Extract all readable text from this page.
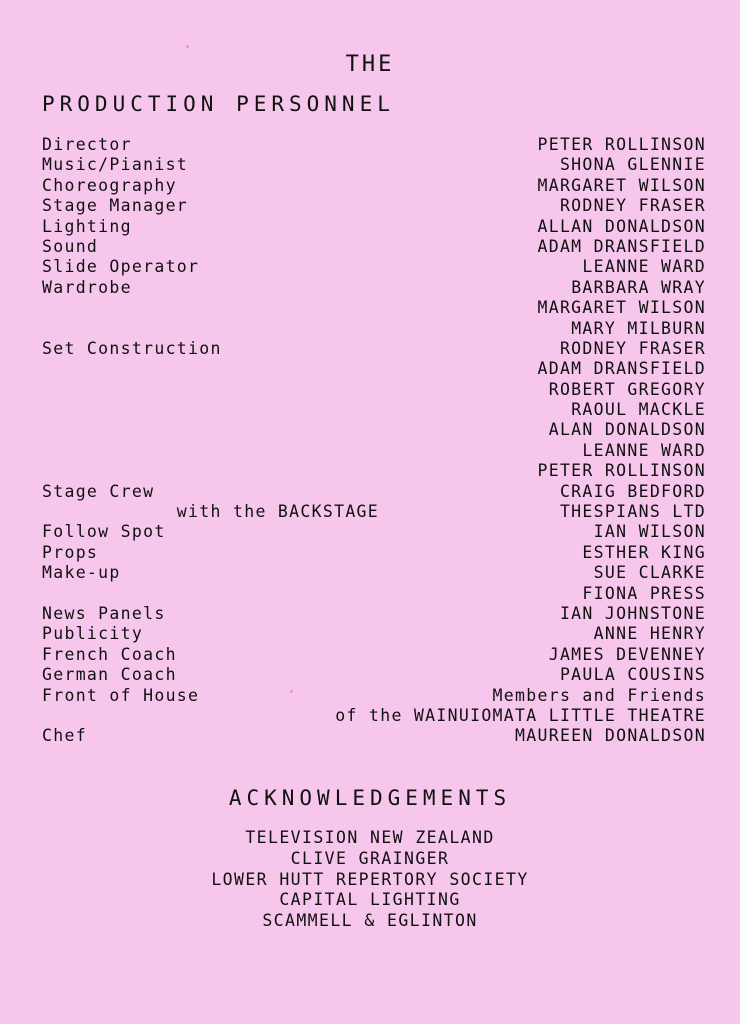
THE
PRODUCTION PERSONNEL
Director	PETER ROLLINSON
Music/Pianist	SHONA GLENNIE
Choreography	MARGARET WILSON
Stage Manager	RODNEY FRASER
Lighting	ALLAN DONALDSON
Sound	ADAM DRANSFIELD
Slide Operator	LEANNE WARD
Wardrobe	BARBARA WRAY
MARGARET WILSON
MARY MILBURN
Set Construction	RODNEY FRASER
ADAM DRANSFIELD
ROBERT GREGORY
RAOUL MACKLE
ALAN DONALDSON
LEANNE WARD
PETER ROLLINSON
Stage Crew	CRAIG BEDFORD
with the BACKSTAGE	THESPIANS LTD
Follow Spot	IAN WILSON
Props	ESTHER KING
Make-up	SUE CLARKE
FIONA PRESS
News Panels	IAN JOHNSTONE
Publicity	ANNE HENRY
French Coach	JAMES DEVENNEY
German Coach	PAULA COUSINS
Front of House	Members and Friends
of the WAINUIOMATA LITTLE THEATRE
Chef	MAUREEN DONALDSON
ACKNOWLEDGEMENTS
TELEVISION NEW ZEALAND
CLIVE GRAINGER
LOWER HUTT REPERTORY SOCIETY
CAPITAL LIGHTING
SCAMMELL & EGLINTON
